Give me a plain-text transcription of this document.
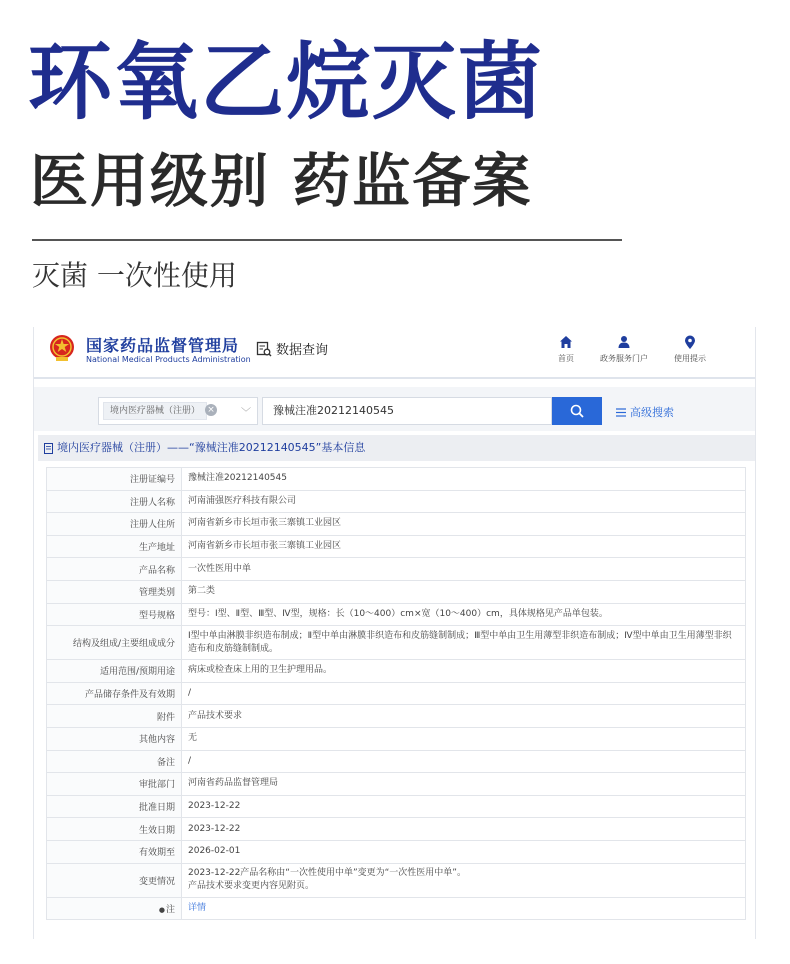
环氧乙烷灭菌
医用级别 药监备案
灭菌 一次性使用
国家药品监督管理局
National Medical Products Administration
数据查询
首页	政务服务门户	使用提示
境内医疗器械（注册） ×	﹀	豫械注准20212140545	高级搜索
境内医疗器械（注册）——“豫械注准20212140545”基本信息
注册证编号	豫械注准20212140545
注册人名称	河南浦强医疗科技有限公司
注册人住所	河南省新乡市长垣市张三寨镇工业园区
生产地址	河南省新乡市长垣市张三寨镇工业园区
产品名称	一次性医用中单
管理类别	第二类
型号规格	型号：Ⅰ型、Ⅱ型、Ⅲ型、Ⅳ型，规格：长（10～400）cm×宽（10～400）cm，具体规格见产品单包装。
结构及组成/主要组成成分	Ⅰ型中单由淋膜非织造布制成；Ⅱ型中单由淋膜非织造布和皮筋缝制制成；Ⅲ型中单由卫生用薄型非织造布制成；Ⅳ型中单由卫生用薄型非织造布和皮筋缝制制成。
适用范围/预期用途	病床或检查床上用的卫生护理用品。
产品储存条件及有效期	/
附件	产品技术要求
其他内容	无
备注	/
审批部门	河南省药品监督管理局
批准日期	2023-12-22
生效日期	2023-12-22
有效期至	2026-02-01
变更情况	2023-12-22产品名称由“一次性使用中单”变更为“一次性医用中单”。
产品技术要求变更内容见附页。
●注	详情
